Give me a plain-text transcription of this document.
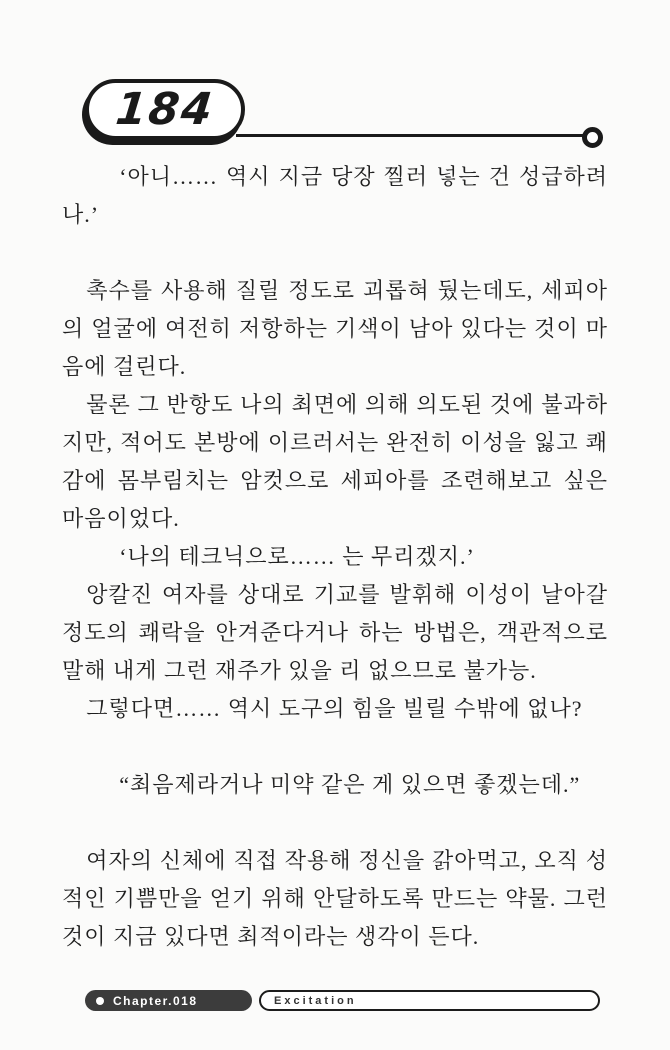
184

‘아니…… 역시 지금 당장 찔러 넣는 건 성급하려나.’

촉수를 사용해 질릴 정도로 괴롭혀 뒀는데도, 세피아의 얼굴에 여전히 저항하는 기색이 남아 있다는 것이 마음에 걸린다.

물론 그 반항도 나의 최면에 의해 의도된 것에 불과하지만, 적어도 본방에 이르러서는 완전히 이성을 잃고 쾌감에 몸부림치는 암컷으로 세피아를 조련해보고 싶은 마음이었다.

‘나의 테크닉으로…… 는 무리겠지.’

앙칼진 여자를 상대로 기교를 발휘해 이성이 날아갈 정도의 쾌락을 안겨준다거나 하는 방법은, 객관적으로 말해 내게 그런 재주가 있을 리 없으므로 불가능.

그렇다면…… 역시 도구의 힘을 빌릴 수밖에 없나?

“최음제라거나 미약 같은 게 있으면 좋겠는데.”

여자의 신체에 직접 작용해 정신을 갉아먹고, 오직 성적인 기쁨만을 얻기 위해 안달하도록 만드는 약물. 그런 것이 지금 있다면 최적이라는 생각이 든다.

Chapter.018	Excitation
